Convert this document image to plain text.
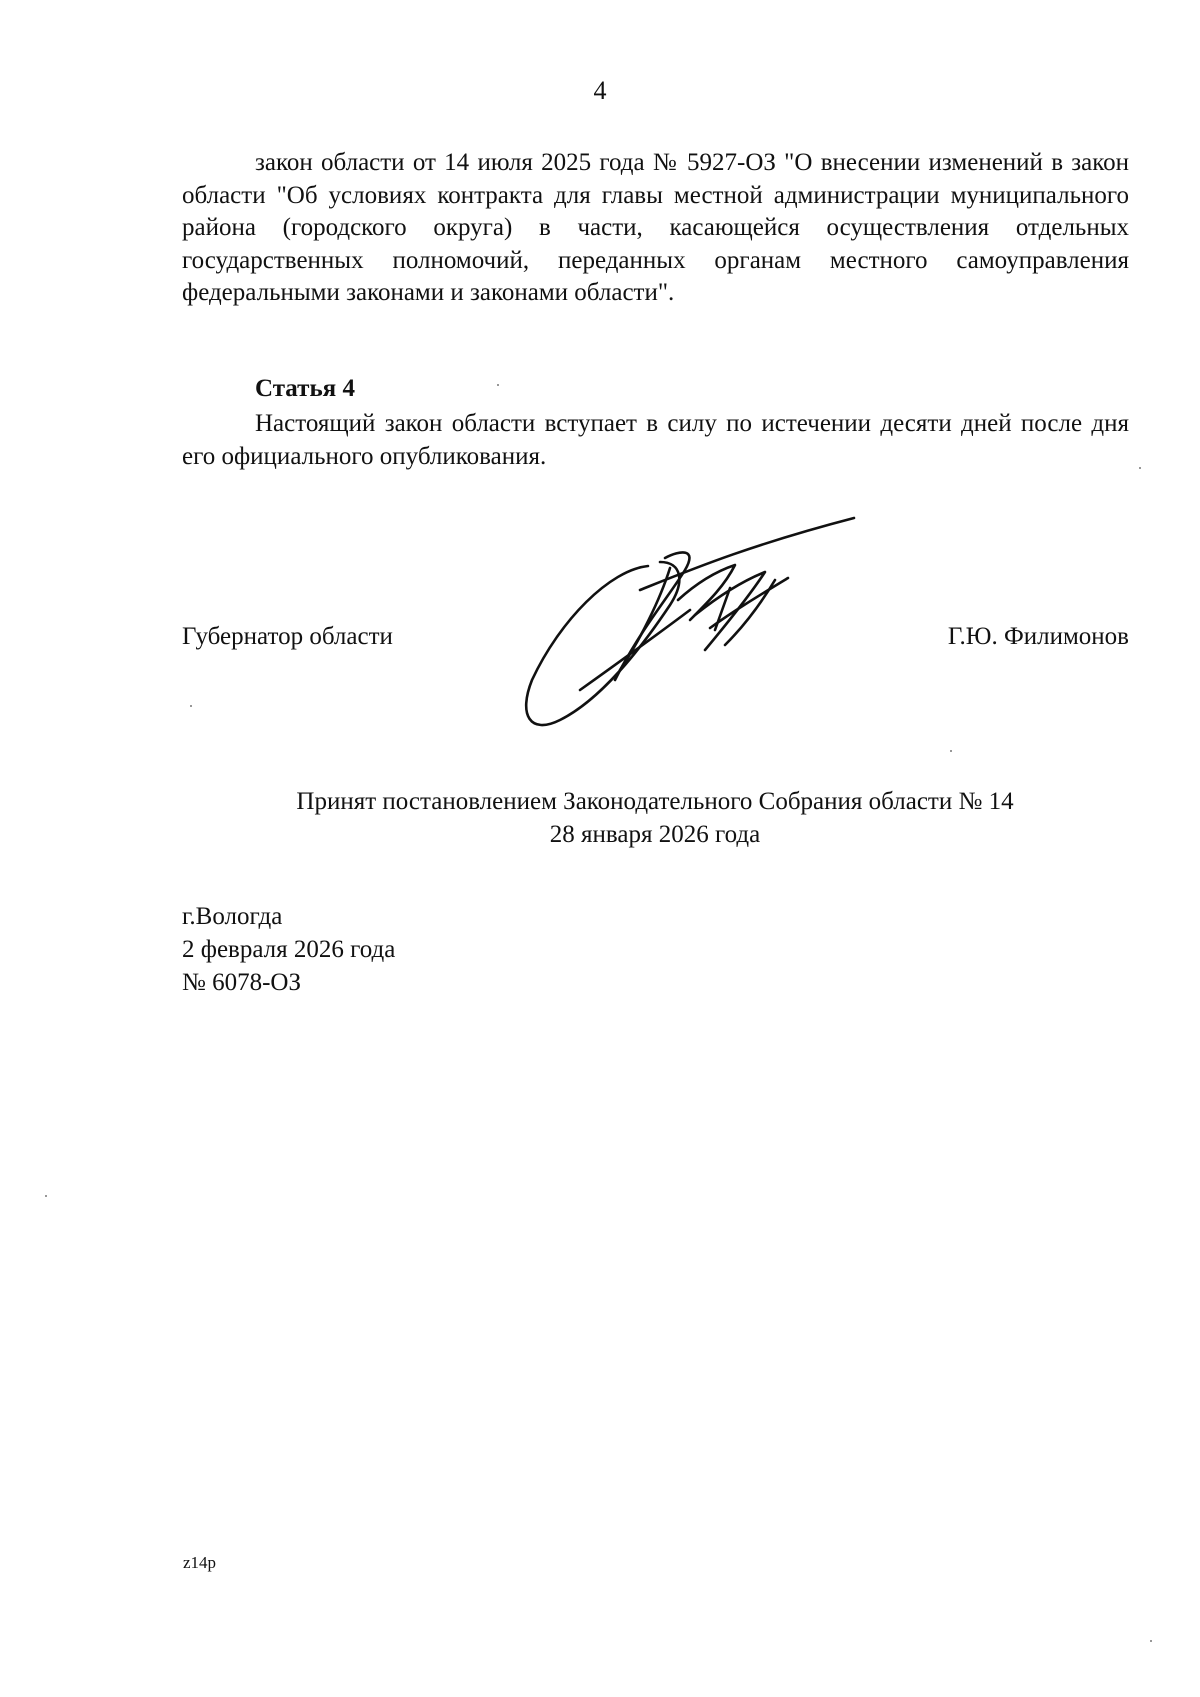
4

закон области от 14 июля 2025 года № 5927-ОЗ "О внесении изменений в закон области "Об условиях контракта для главы местной администрации муниципального района (городского округа) в части, касающейся осуществления отдельных государственных полномочий, переданных органам местного самоуправления федеральными законами и законами области".

Статья 4

Настоящий закон области вступает в силу по истечении десяти дней после дня его официального опубликования.

Губернатор области	Г.Ю. Филимонов
Принят постановлением Законодательного Собрания области № 14
28 января 2026 года
г.Вологда
2 февраля 2026 года
№ 6078-ОЗ
z14p
